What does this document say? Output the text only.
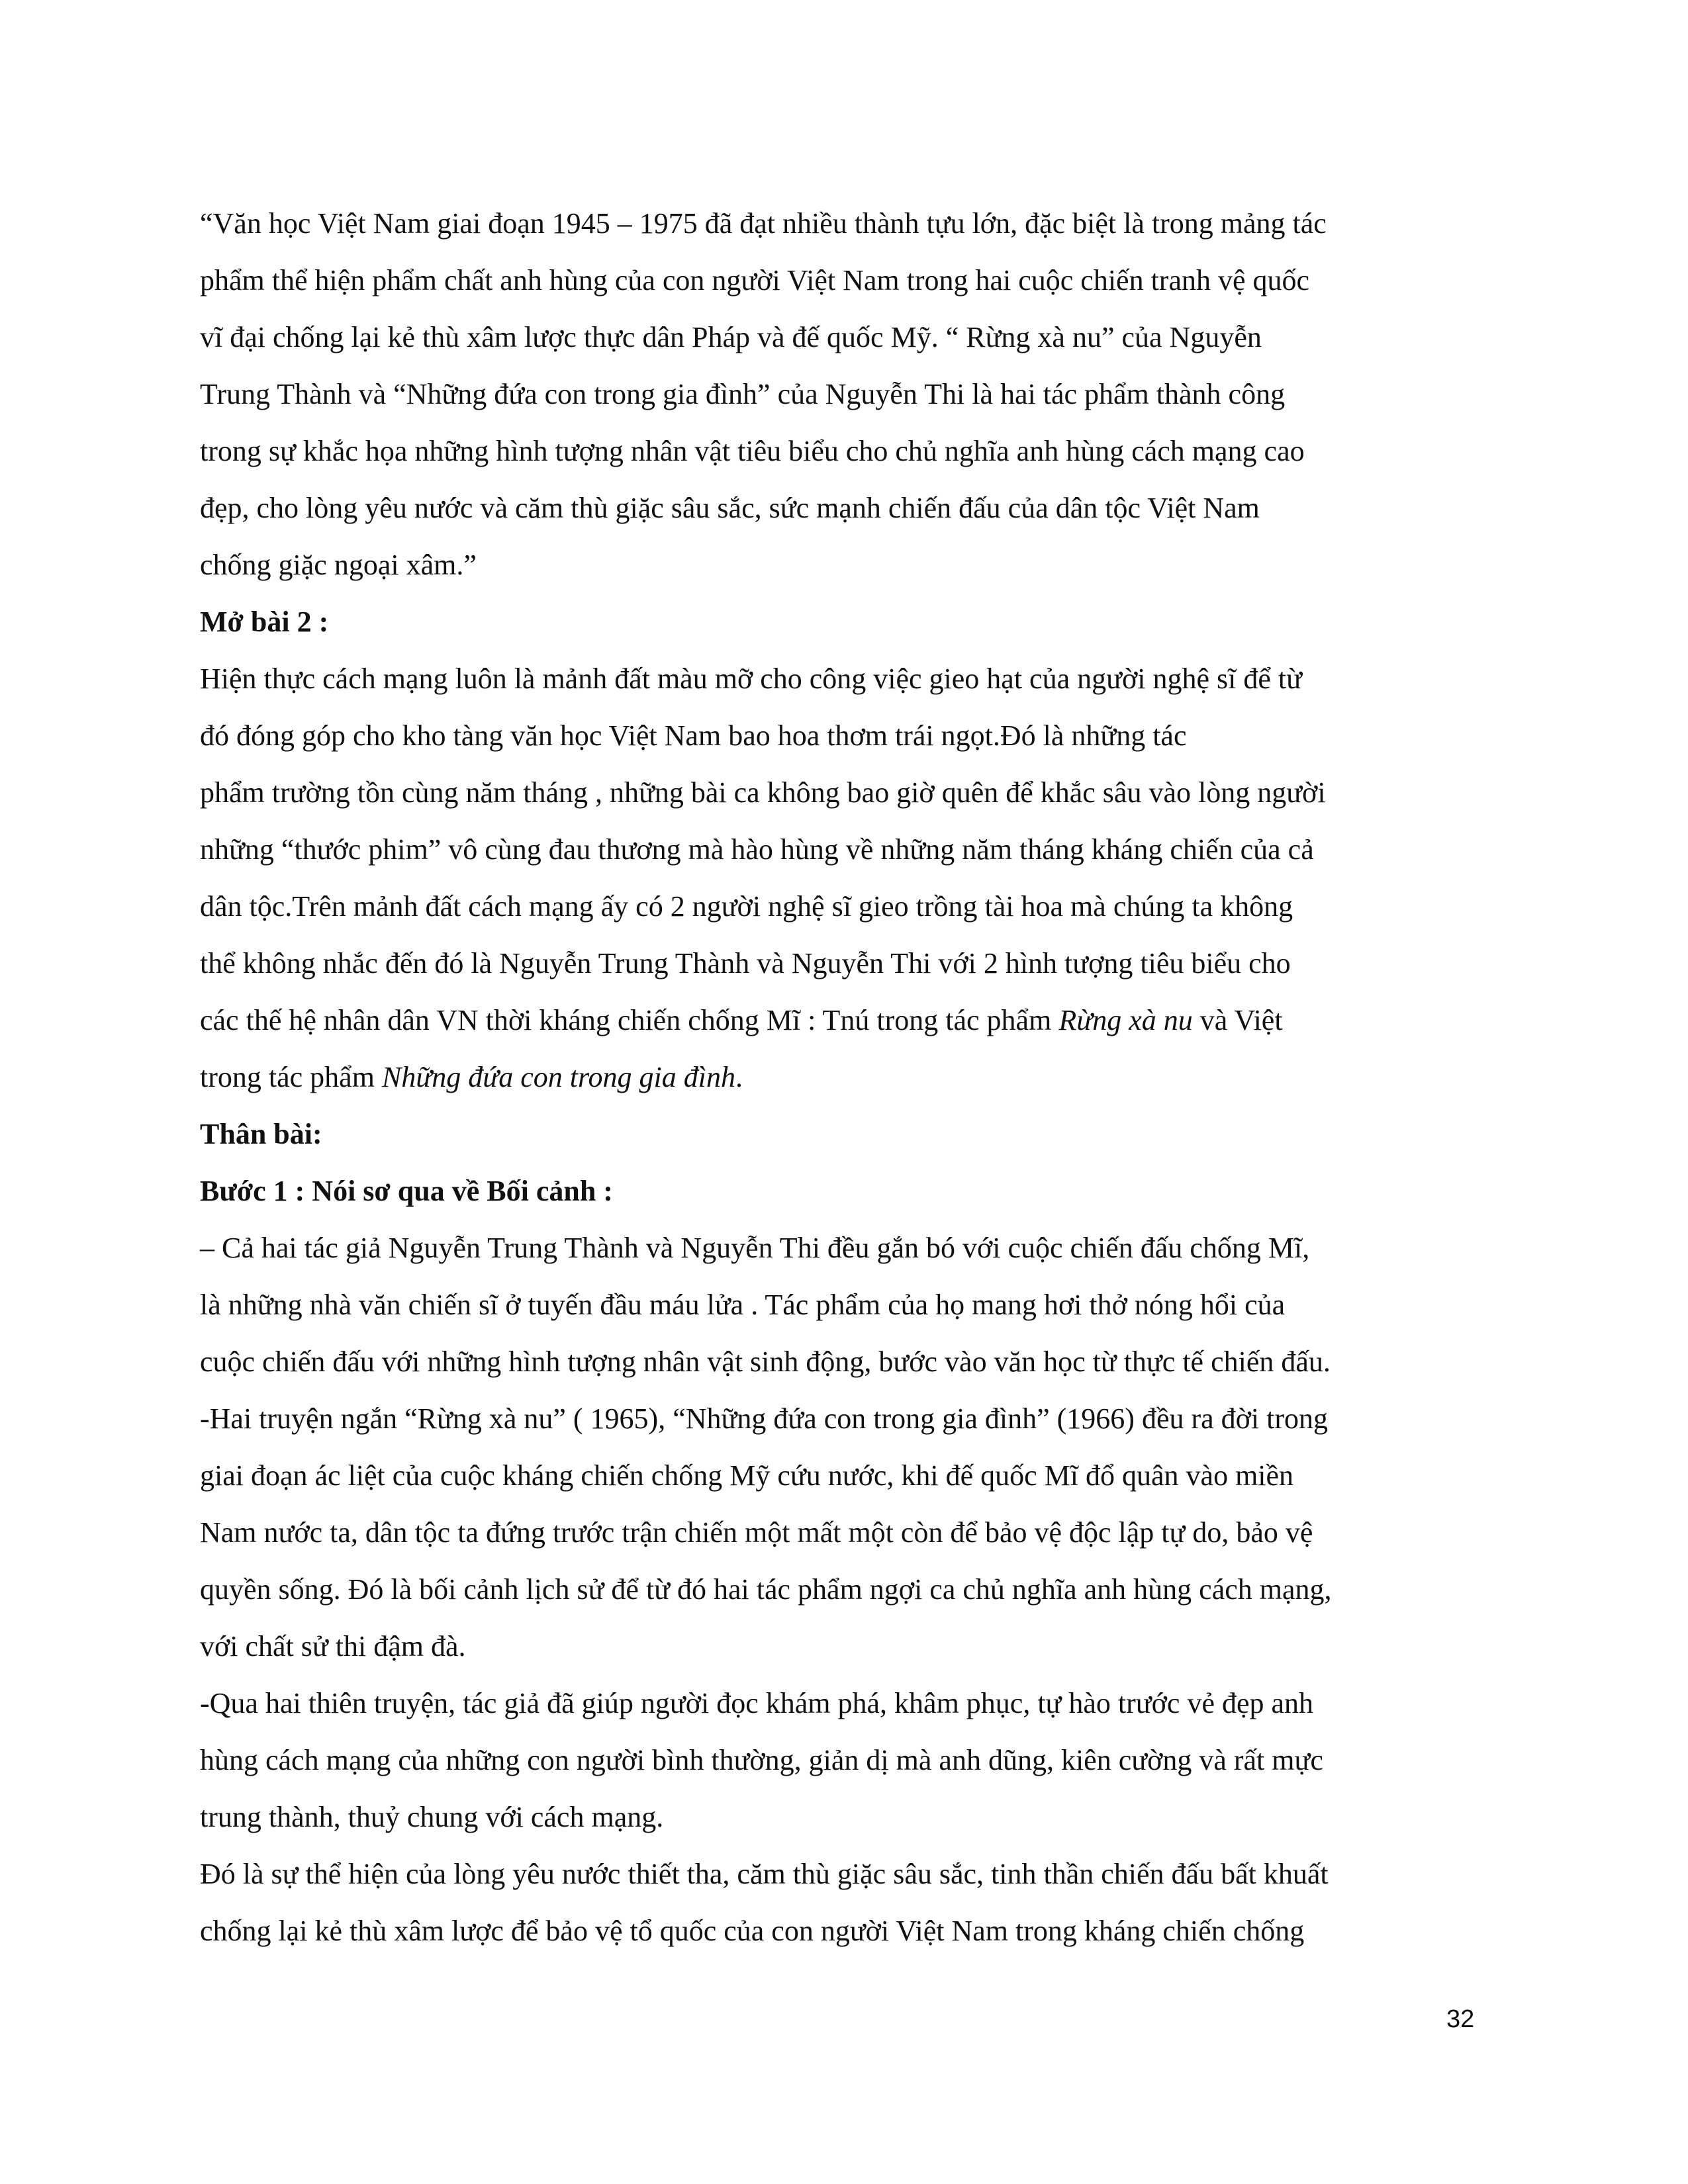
“Văn học Việt Nam giai đoạn 1945 – 1975 đã đạt nhiều thành tựu lớn, đặc biệt là trong mảng tác
phẩm thể hiện phẩm chất anh hùng của con người Việt Nam trong hai cuộc chiến tranh vệ quốc
vĩ đại chống lại kẻ thù xâm lược thực dân Pháp và đế quốc Mỹ. “ Rừng xà nu” của Nguyễn
Trung Thành và “Những đứa con trong gia đình” của Nguyễn Thi là hai tác phẩm thành công
trong sự khắc họa những hình tượng nhân vật tiêu biểu cho chủ nghĩa anh hùng cách mạng cao
đẹp, cho lòng yêu nước và căm thù giặc sâu sắc, sức mạnh chiến đấu của dân tộc Việt Nam
chống giặc ngoại xâm.”
Mở bài 2 :
Hiện thực cách mạng luôn là mảnh đất màu mỡ cho công việc gieo hạt của người nghệ sĩ để từ
đó đóng góp cho kho tàng văn học Việt Nam bao hoa thơm trái ngọt.Đó là những tác
phẩm trường tồn cùng năm tháng , những bài ca không bao giờ quên để khắc sâu vào lòng người
những “thước phim” vô cùng đau thương mà hào hùng về những năm tháng kháng chiến của cả
dân tộc.Trên mảnh đất cách mạng ấy có 2 người nghệ sĩ gieo trồng tài hoa mà chúng ta không
thể không nhắc đến đó là Nguyễn Trung Thành và Nguyễn Thi với 2 hình tượng tiêu biểu cho
các thế hệ nhân dân VN thời kháng chiến chống Mĩ : Tnú trong tác phẩm Rừng xà nu và Việt
trong tác phẩm Những đứa con trong gia đình.
Thân bài:
Bước 1 : Nói sơ qua về Bối cảnh :
– Cả hai tác giả Nguyễn Trung Thành và Nguyễn Thi đều gắn bó với cuộc chiến đấu chống Mĩ,
là những nhà văn chiến sĩ ở tuyến đầu máu lửa . Tác phẩm của họ mang hơi thở nóng hổi của
cuộc chiến đấu với những hình tượng nhân vật sinh động, bước vào văn học từ thực tế chiến đấu.
-Hai truyện ngắn “Rừng xà nu” ( 1965), “Những đứa con trong gia đình” (1966) đều ra đời trong
giai đoạn ác liệt của cuộc kháng chiến chống Mỹ cứu nước, khi đế quốc Mĩ đổ quân vào miền
Nam nước ta, dân tộc ta đứng trước trận chiến một mất một còn để bảo vệ độc lập tự do, bảo vệ
quyền sống. Đó là bối cảnh lịch sử để từ đó hai tác phẩm ngợi ca chủ nghĩa anh hùng cách mạng,
với chất sử thi đậm đà.
-Qua hai thiên truyện, tác giả đã giúp người đọc khám phá, khâm phục, tự hào trước vẻ đẹp anh
hùng cách mạng của những con người bình thường, giản dị mà anh dũng, kiên cường và rất mực
trung thành, thuỷ chung với cách mạng.
Đó là sự thể hiện của lòng yêu nước thiết tha, căm thù giặc sâu sắc, tinh thần chiến đấu bất khuất
chống lại kẻ thù xâm lược để bảo vệ tổ quốc của con người Việt Nam trong kháng chiến chống
32
